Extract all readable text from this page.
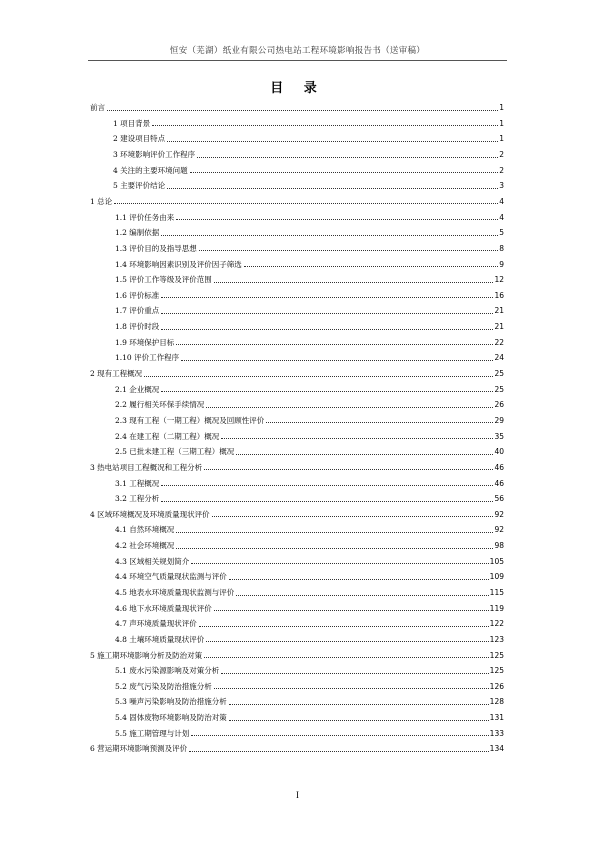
恒安（芜湖）纸业有限公司热电站工程环境影响报告书（送审稿）
目 录
前言	1
1 项目背景	1
2 建设项目特点	1
3 环境影响评价工作程序	2
4 关注的主要环境问题	2
5 主要评价结论	3
1 总论	4
1.1 评价任务由来	4
1.2 编制依据	5
1.3 评价目的及指导思想	8
1.4 环境影响因素识别及评价因子筛选	9
1.5 评价工作等级及评价范围	12
1.6 评价标准	16
1.7 评价重点	21
1.8 评价时段	21
1.9 环境保护目标	22
1.10 评价工作程序	24
2 现有工程概况	25
2.1 企业概况	25
2.2 履行相关环保手续情况	26
2.3 现有工程（一期工程）概况及回顾性评价	29
2.4 在建工程（二期工程）概况	35
2.5 已批未建工程（三期工程）概况	40
3 热电站项目工程概况和工程分析	46
3.1 工程概况	46
3.2 工程分析	56
4 区域环境概况及环境质量现状评价	92
4.1 自然环境概况	92
4.2 社会环境概况	98
4.3 区域相关规划简介	105
4.4 环境空气质量现状监测与评价	109
4.5 地表水环境质量现状监测与评价	115
4.6 地下水环境质量现状评价	119
4.7 声环境质量现状评价	122
4.8 土壤环境质量现状评价	123
5 施工期环境影响分析及防治对策	125
5.1 废水污染源影响及对策分析	125
5.2 废气污染及防治措施分析	126
5.3 噪声污染影响及防治措施分析	128
5.4 固体废物环境影响及防治对策	131
5.5 施工期管理与计划	133
6 营运期环境影响预测及评价	134
I
